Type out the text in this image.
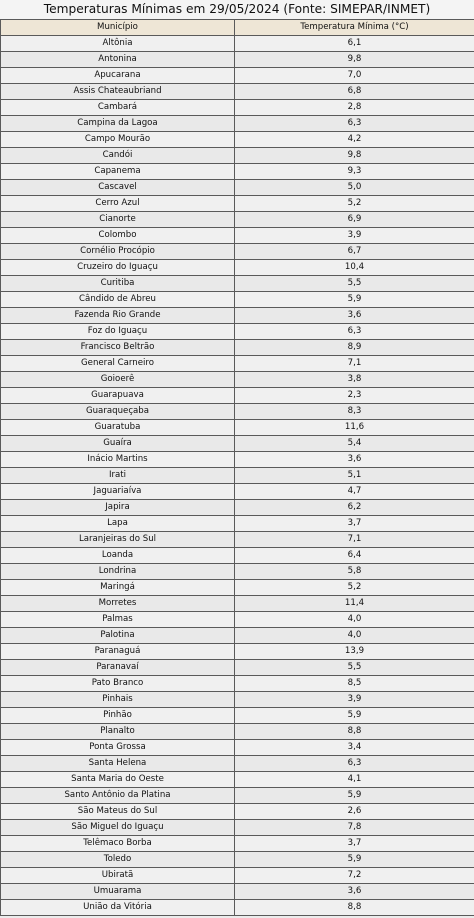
Temperaturas Mínimas em 29/05/2024 (Fonte: SIMEPAR/INMET)
Município	Temperatura Mínima (°C)
Altônia	6,1
Antonina	9,8
Apucarana	7,0
Assis Chateaubriand	6,8
Cambará	2,8
Campina da Lagoa	6,3
Campo Mourão	4,2
Candói	9,8
Capanema	9,3
Cascavel	5,0
Cerro Azul	5,2
Cianorte	6,9
Colombo	3,9
Cornélio Procópio	6,7
Cruzeiro do Iguaçu	10,4
Curitiba	5,5
Cândido de Abreu	5,9
Fazenda Rio Grande	3,6
Foz do Iguaçu	6,3
Francisco Beltrão	8,9
General Carneiro	7,1
Goioerê	3,8
Guarapuava	2,3
Guaraqueçaba	8,3
Guaratuba	11,6
Guaíra	5,4
Inácio Martins	3,6
Irati	5,1
Jaguariaíva	4,7
Japira	6,2
Lapa	3,7
Laranjeiras do Sul	7,1
Loanda	6,4
Londrina	5,8
Maringá	5,2
Morretes	11,4
Palmas	4,0
Palotina	4,0
Paranaguá	13,9
Paranavaí	5,5
Pato Branco	8,5
Pinhais	3,9
Pinhão	5,9
Planalto	8,8
Ponta Grossa	3,4
Santa Helena	6,3
Santa Maria do Oeste	4,1
Santo Antônio da Platina	5,9
São Mateus do Sul	2,6
São Miguel do Iguaçu	7,8
Telêmaco Borba	3,7
Toledo	5,9
Ubiratã	7,2
Umuarama	3,6
União da Vitória	8,8
